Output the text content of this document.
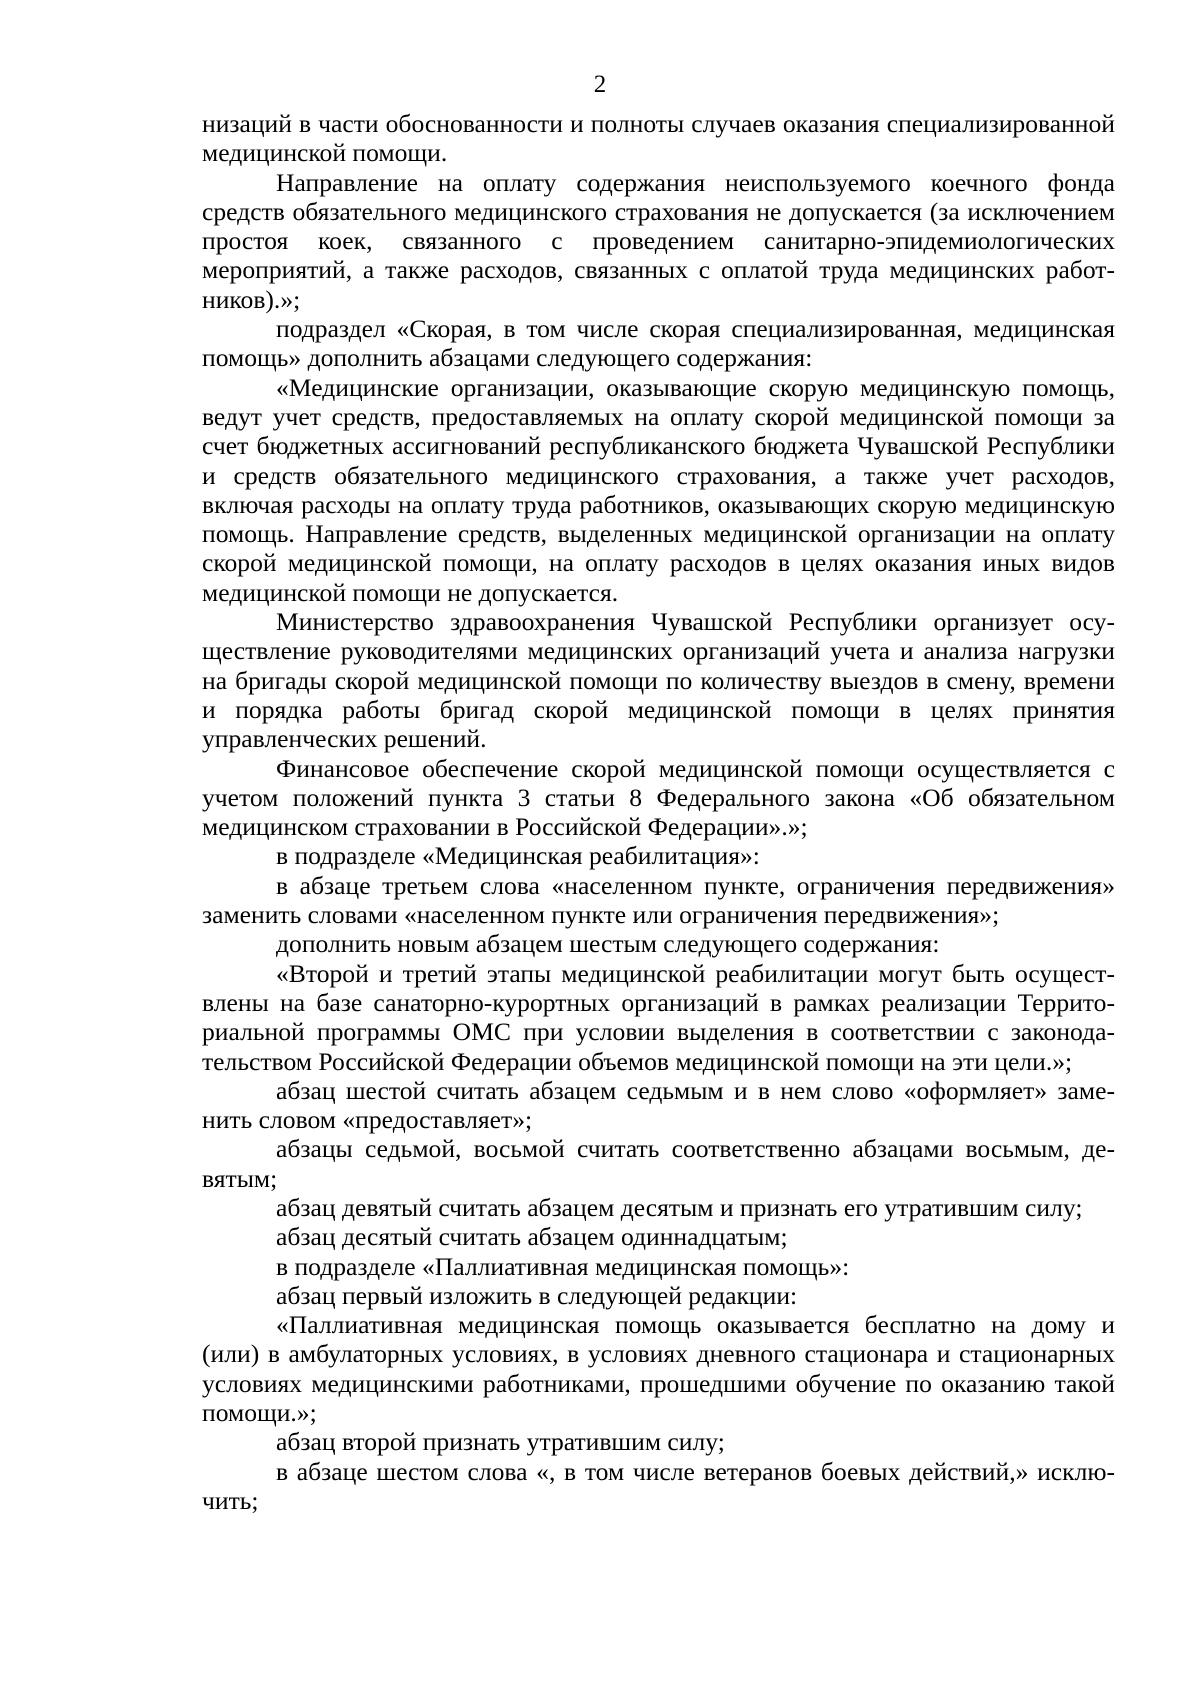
2

низаций в части обоснованности и полноты случаев оказания специализированной медицинской помощи.

Направление на оплату содержания неиспользуемого коечного фонда средств обязательного медицинского страхования не допускается (за исключением простоя коек, связанного с проведением санитарно-эпидемиологических мероприятий, а также расходов, связанных с оплатой труда медицинских работников).»;

подраздел «Скорая, в том числе скорая специализированная, медицинская помощь» дополнить абзацами следующего содержания:

«Медицинские организации, оказывающие скорую медицинскую помощь, ведут учет средств, предоставляемых на оплату скорой медицинской помощи за счет бюджетных ассигнований республиканского бюджета Чувашской Республики и средств обязательного медицинского страхования, а также учет расходов, включая расходы на оплату труда работников, оказывающих скорую медицинскую помощь. Направление средств, выделенных медицинской организации на оплату скорой медицинской помощи, на оплату расходов в целях оказания иных видов медицинской помощи не допускается.

Министерство здравоохранения Чувашской Республики организует осуществление руководителями медицинских организаций учета и анализа нагрузки на бригады скорой медицинской помощи по количеству выездов в смену, времени и порядка работы бригад скорой медицинской помощи в целях принятия управленческих решений.

Финансовое обеспечение скорой медицинской помощи осуществляется с учетом положений пункта 3 статьи 8 Федерального закона «Об обязательном медицинском страховании в Российской Федерации».»;

в подразделе «Медицинская реабилитация»:

в абзаце третьем слова «населенном пункте, ограничения передвижения» заменить словами «населенном пункте или ограничения передвижения»;

дополнить новым абзацем шестым следующего содержания:

«Второй и третий этапы медицинской реабилитации могут быть осуществлены на базе санаторно-курортных организаций в рамках реализации Территориальной программы ОМС при условии выделения в соответствии с законодательством Российской Федерации объемов медицинской помощи на эти цели.»;

абзац шестой считать абзацем седьмым и в нем слово «оформляет» заменить словом «предоставляет»;

абзацы седьмой, восьмой считать соответственно абзацами восьмым, девятым;

абзац девятый считать абзацем десятым и признать его утратившим силу;

абзац десятый считать абзацем одиннадцатым;

в подразделе «Паллиативная медицинская помощь»:

абзац первый изложить в следующей редакции:

«Паллиативная медицинская помощь оказывается бесплатно на дому и (или) в амбулаторных условиях, в условиях дневного стационара и стационарных условиях медицинскими работниками, прошедшими обучение по оказанию такой помощи.»;

абзац второй признать утратившим силу;

в абзаце шестом слова «, в том числе ветеранов боевых действий,» исключить;
